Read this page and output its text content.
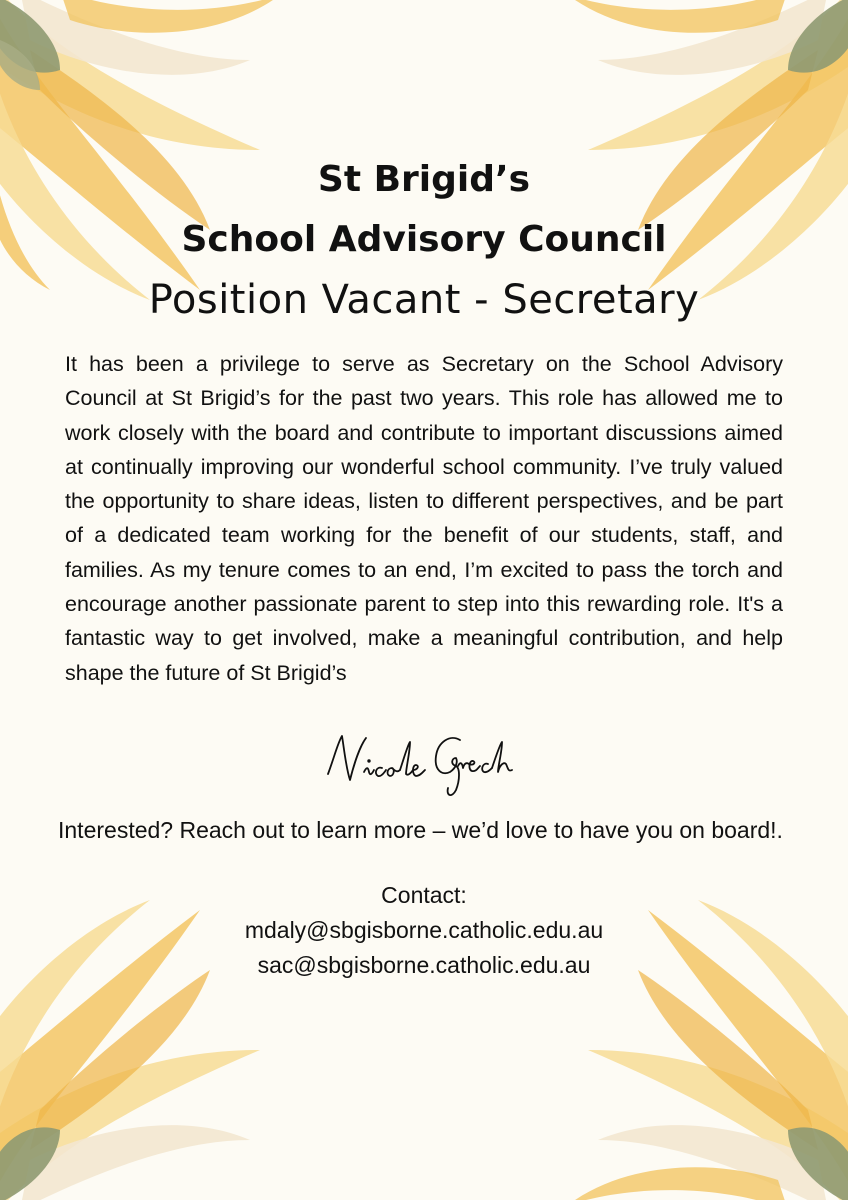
St Brigid’s
School Advisory Council
Position Vacant - Secretary

It has been a privilege to serve as Secretary on the School Advisory Council at St Brigid’s for the past two years. This role has allowed me to work closely with the board and contribute to important discussions aimed at continually improving our wonderful school community. I’ve truly valued the opportunity to share ideas, listen to different perspectives, and be part of a dedicated team working for the benefit of our students, staff, and families. As my tenure comes to an end, I’m excited to pass the torch and encourage another passionate parent to step into this rewarding role. It's a fantastic way to get involved, make a meaningful contribution, and help shape the future of St Brigid’s

Interested? Reach out to learn more – we’d love to have you on board!.

Contact:
mdaly@sbgisborne.catholic.edu.au
sac@sbgisborne.catholic.edu.au
